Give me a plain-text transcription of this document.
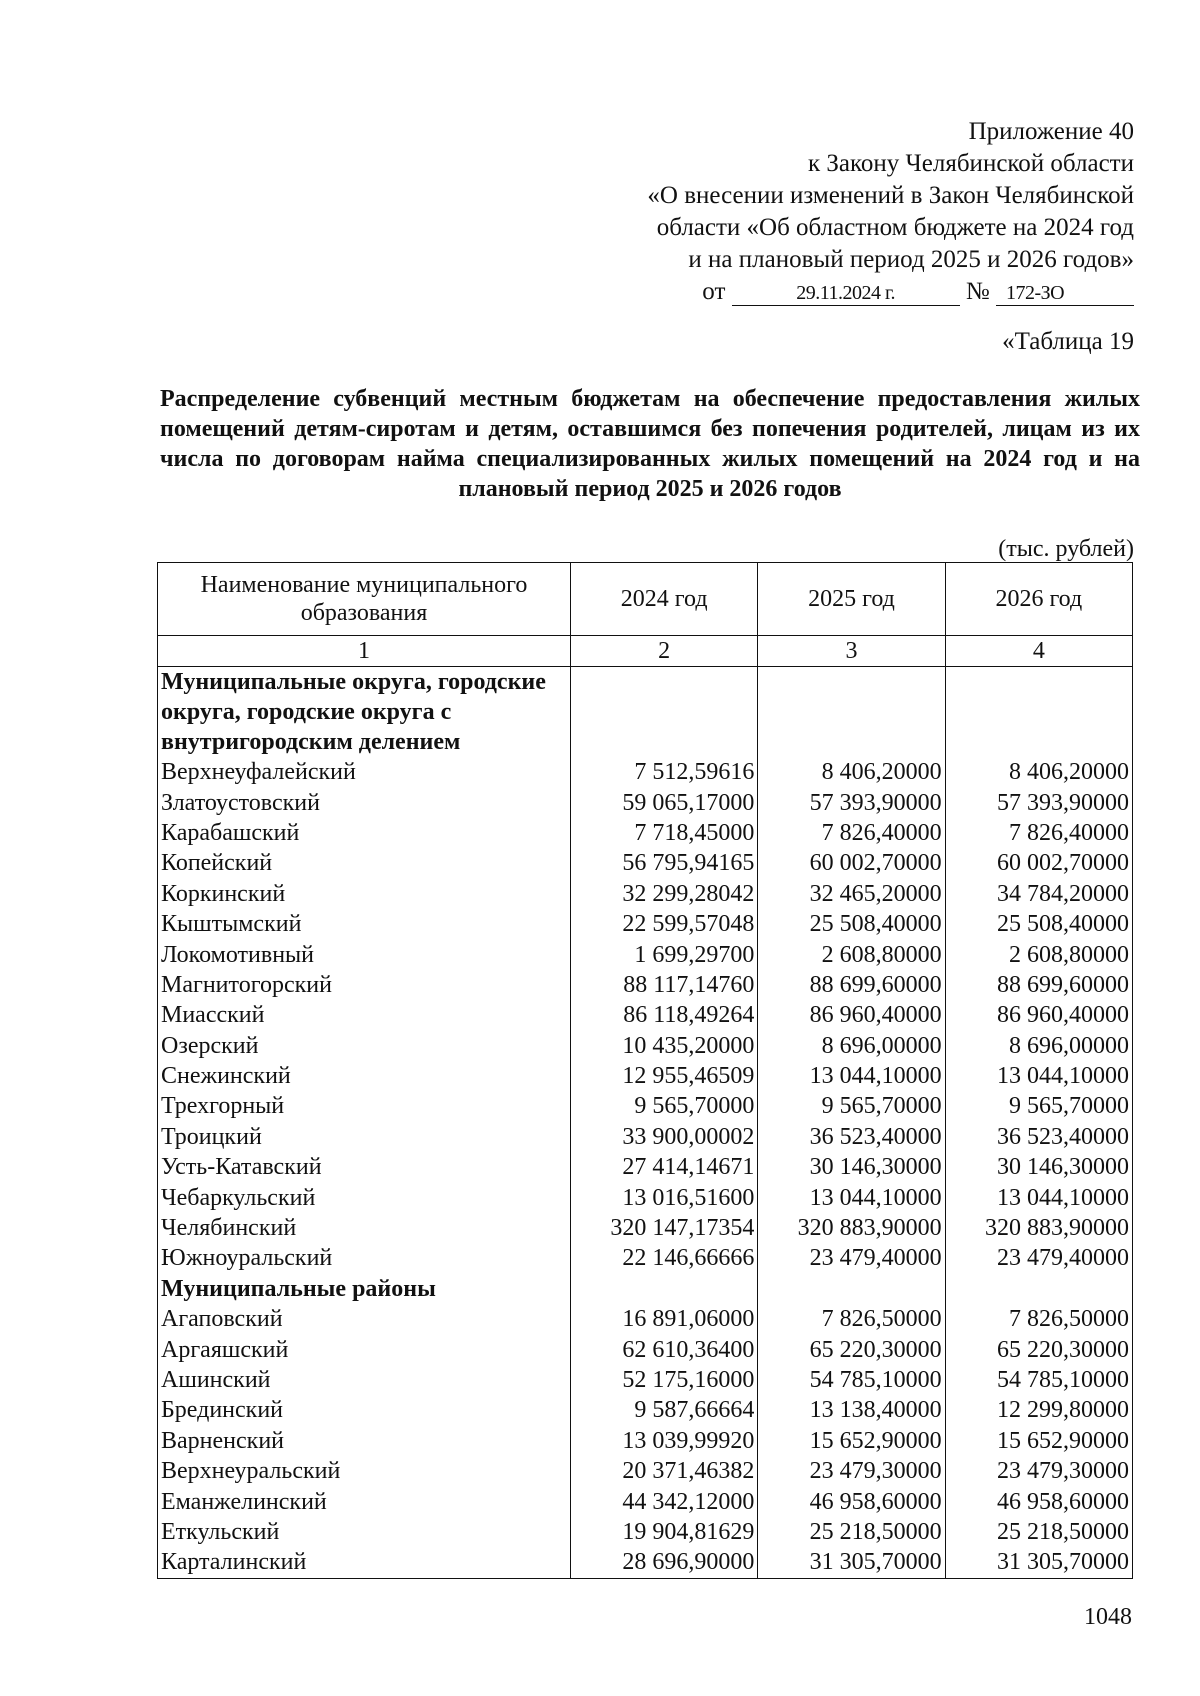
Приложение 40
к Закону Челябинской области
«О внесении изменений в Закон Челябинской
области «Об областном бюджете на 2024 год
и на плановый период 2025 и 2026 годов»
от	29.11.2024 г.	№ 172-ЗО
«Таблица 19
Распределение субвенций местным бюджетам на обеспечение предоставления жилых помещений детям-сиротам и детям, оставшимся без попечения родителей, лицам из их числа по договорам найма специализированных жилых помещений на 2024 год и на плановый период 2025 и 2026 годов
(тыс. рублей)
Наименование муниципального образования	2024 год	2025 год	2026 год
1	2	3	4
Муниципальные округа, городские округа, городские округа с внутригородским делением			
Верхнеуфалейский	7 512,59616	8 406,20000	8 406,20000
Златоустовский	59 065,17000	57 393,90000	57 393,90000
Карабашский	7 718,45000	7 826,40000	7 826,40000
Копейский	56 795,94165	60 002,70000	60 002,70000
Коркинский	32 299,28042	32 465,20000	34 784,20000
Кыштымский	22 599,57048	25 508,40000	25 508,40000
Локомотивный	1 699,29700	2 608,80000	2 608,80000
Магнитогорский	88 117,14760	88 699,60000	88 699,60000
Миасский	86 118,49264	86 960,40000	86 960,40000
Озерский	10 435,20000	8 696,00000	8 696,00000
Снежинский	12 955,46509	13 044,10000	13 044,10000
Трехгорный	9 565,70000	9 565,70000	9 565,70000
Троицкий	33 900,00002	36 523,40000	36 523,40000
Усть-Катавский	27 414,14671	30 146,30000	30 146,30000
Чебаркульский	13 016,51600	13 044,10000	13 044,10000
Челябинский	320 147,17354	320 883,90000	320 883,90000
Южноуральский	22 146,66666	23 479,40000	23 479,40000
Муниципальные районы			
Агаповский	16 891,06000	7 826,50000	7 826,50000
Аргаяшский	62 610,36400	65 220,30000	65 220,30000
Ашинский	52 175,16000	54 785,10000	54 785,10000
Брединский	9 587,66664	13 138,40000	12 299,80000
Варненский	13 039,99920	15 652,90000	15 652,90000
Верхнеуральский	20 371,46382	23 479,30000	23 479,30000
Еманжелинский	44 342,12000	46 958,60000	46 958,60000
Еткульский	19 904,81629	25 218,50000	25 218,50000
Карталинский	28 696,90000	31 305,70000	31 305,70000
1048
